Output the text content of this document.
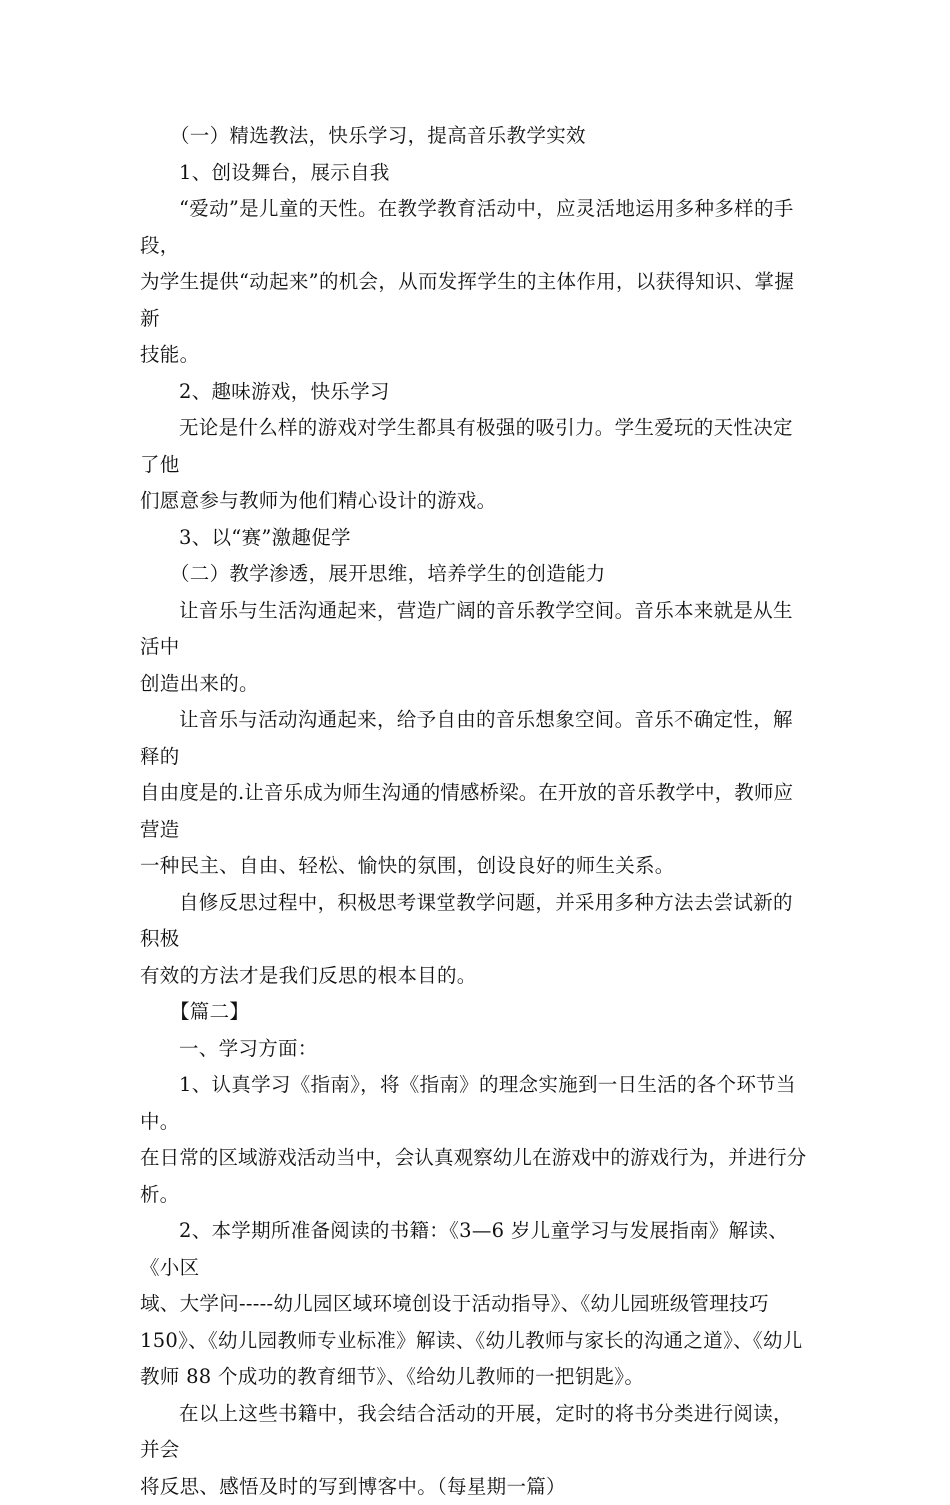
（一）精选教法，快乐学习，提高音乐教学实效

1、创设舞台，展示自我

“爱动”是儿童的天性。在教学教育活动中，应灵活地运用多种多样的手段，
为学生提供“动起来”的机会，从而发挥学生的主体作用，以获得知识、掌握新
技能。

2、趣味游戏，快乐学习

无论是什么样的游戏对学生都具有极强的吸引力。学生爱玩的天性决定了他
们愿意参与教师为他们精心设计的游戏。

3、以“赛”激趣促学

（二）教学渗透，展开思维，培养学生的创造能力

让音乐与生活沟通起来，营造广阔的音乐教学空间。音乐本来就是从生活中
创造出来的。

让音乐与活动沟通起来，给予自由的音乐想象空间。音乐不确定性，解释的
自由度是的.让音乐成为师生沟通的情感桥梁。在开放的音乐教学中，教师应营造
一种民主、自由、轻松、愉快的氛围，创设良好的师生关系。

自修反思过程中，积极思考课堂教学问题，并采用多种方法去尝试新的积极
有效的方法才是我们反思的根本目的。

【篇二】

一、学习方面：

1、认真学习《指南》，将《指南》的理念实施到一日生活的各个环节当中。
在日常的区域游戏活动当中，会认真观察幼儿在游戏中的游戏行为，并进行分析。

2、本学期所准备阅读的书籍：《3—6 岁儿童学习与发展指南》解读、《小区
域、大学问-----幼儿园区域环境创设于活动指导》、《幼儿园班级管理技巧
150》、《幼儿园教师专业标准》解读、《幼儿教师与家长的沟通之道》、《幼儿
教师 88 个成功的教育细节》、《给幼儿教师的一把钥匙》。

在以上这些书籍中，我会结合活动的开展，定时的将书分类进行阅读，并会
将反思、感悟及时的写到博客中。（每星期一篇）
